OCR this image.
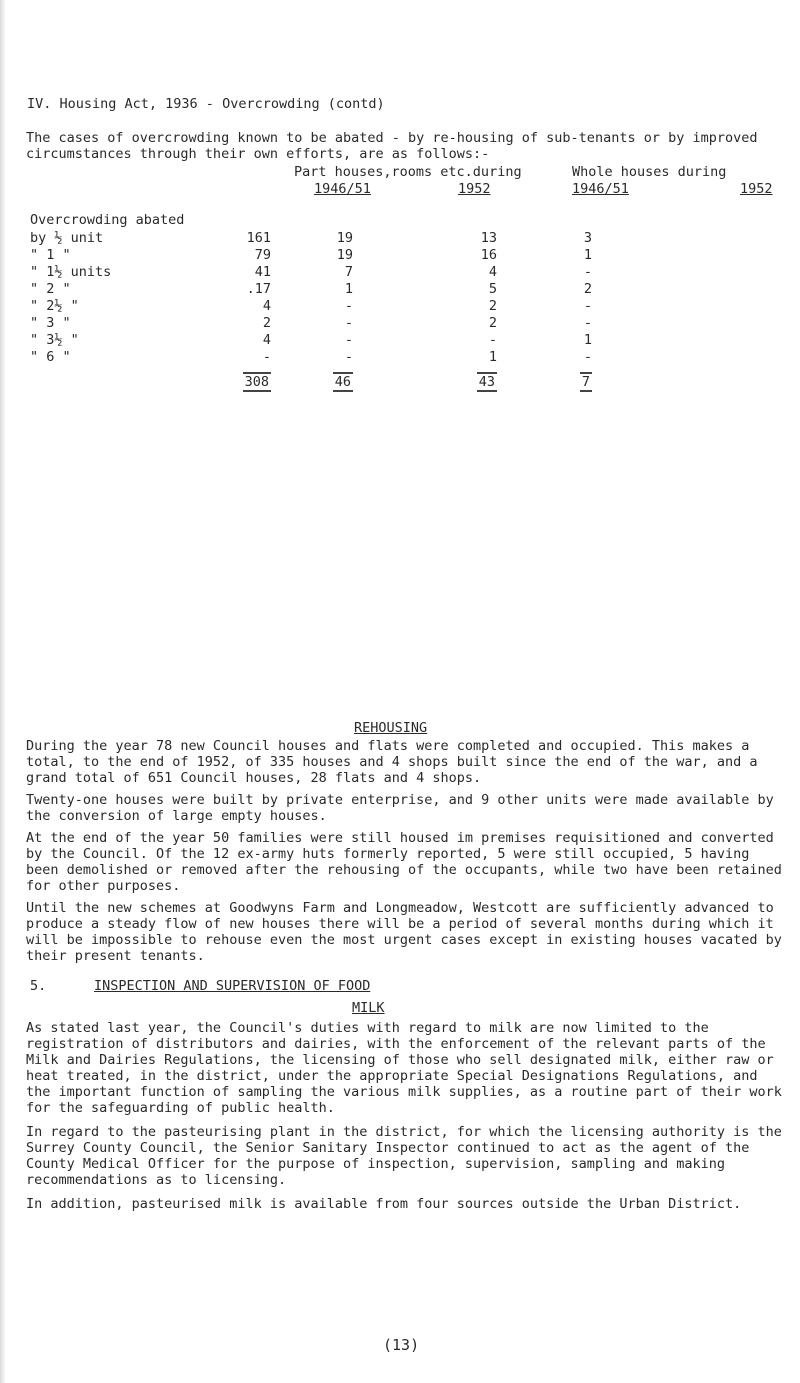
IV. Housing Act, 1936 - Overcrowding (contd)

The cases of overcrowding known to be abated - by re-housing of sub-tenants or by improved circumstances through their own efforts, are as follows:-

Part houses,rooms etc.during	Whole houses during
1946/51	1952	1946/51	1952
Overcrowding abated
by ½ unit	161	19	13	3
" 1 "	79	19	16	1
" 1½ units	41	7	4	-
" 2 "	.17	1	5	2
" 2½ "	4	-	2	-
" 3 "	2	-	2	-
" 3½ "	4	-	-	1
" 6 "	-	-	1	-
	308	46	43	7
REHOUSING

During the year 78 new Council houses and flats were completed and occupied. This makes a total, to the end of 1952, of 335 houses and 4 shops built since the end of the war, and a grand total of 651 Council houses, 28 flats and 4 shops.

Twenty-one houses were built by private enterprise, and 9 other units were made available by the conversion of large empty houses.

At the end of the year 50 families were still housed im premises requisitioned and converted by the Council. Of the 12 ex-army huts formerly reported, 5 were still occupied, 5 having been demolished or removed after the rehousing of the occupants, while two have been retained for other purposes.

Until the new schemes at Goodwyns Farm and Longmeadow, Westcott are sufficiently advanced to produce a steady flow of new houses there will be a period of several months during which it will be impossible to rehouse even the most urgent cases except in existing houses vacated by their present tenants.

5.	INSPECTION AND SUPERVISION OF FOOD
MILK

As stated last year, the Council's duties with regard to milk are now limited to the registration of distributors and dairies, with the enforcement of the relevant parts of the Milk and Dairies Regulations, the licensing of those who sell designated milk, either raw or heat treated, in the district, under the appropriate Special Designations Regulations, and the important function of sampling the various milk supplies, as a routine part of their work for the safeguarding of public health.

In regard to the pasteurising plant in the district, for which the licensing authority is the Surrey County Council, the Senior Sanitary Inspector continued to act as the agent of the County Medical Officer for the purpose of inspection, supervision, sampling and making recommendations as to licensing.

In addition, pasteurised milk is available from four sources outside the Urban District.

(13)
